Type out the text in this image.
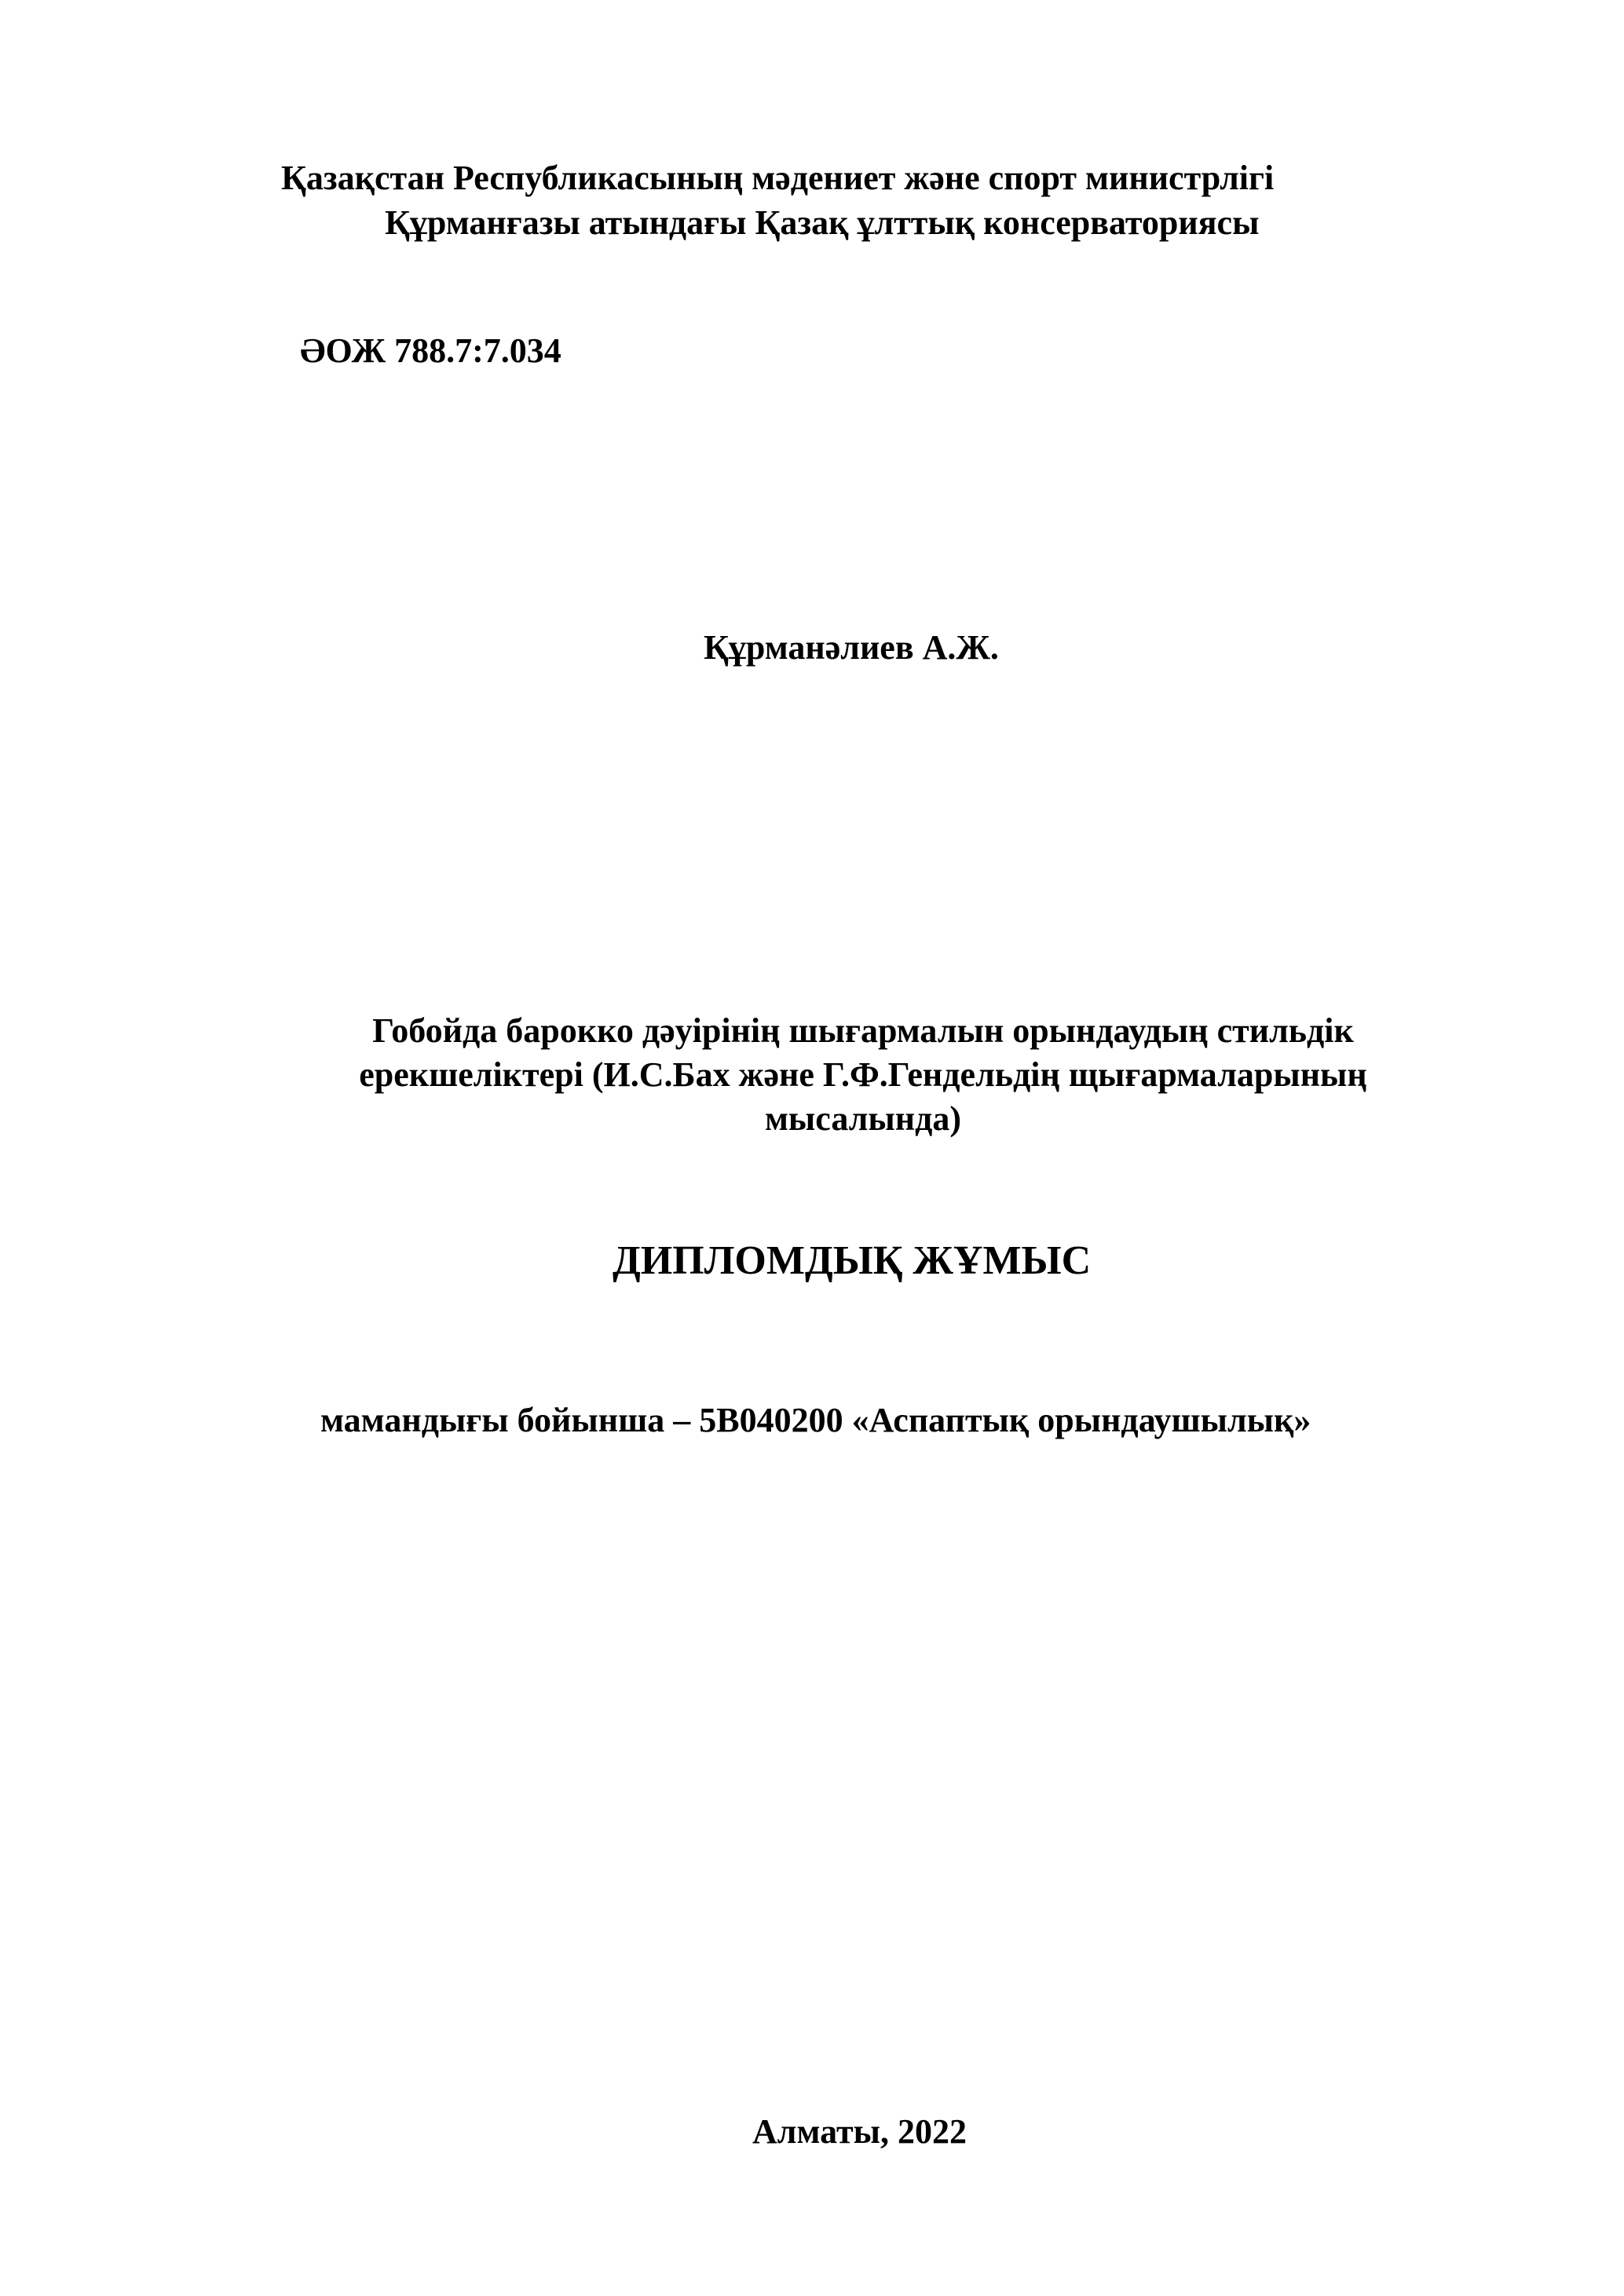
Қазақстан Республикасының мәдениет және спорт министрлігі
Құрманғазы атындағы Қазақ ұлттық консерваториясы
ӘОЖ 788.7:7.034
Құрманәлиев А.Ж.
Гобойда барокко дәуірінің шығармалын орындаудың стильдік
ерекшеліктері (И.С.Бах және Г.Ф.Гендельдің щығармаларының
мысалында)
ДИПЛОМДЫҚ ЖҰМЫС
мамандығы бойынша – 5В040200 «Аспаптық орындаушылық»
Алматы, 2022
